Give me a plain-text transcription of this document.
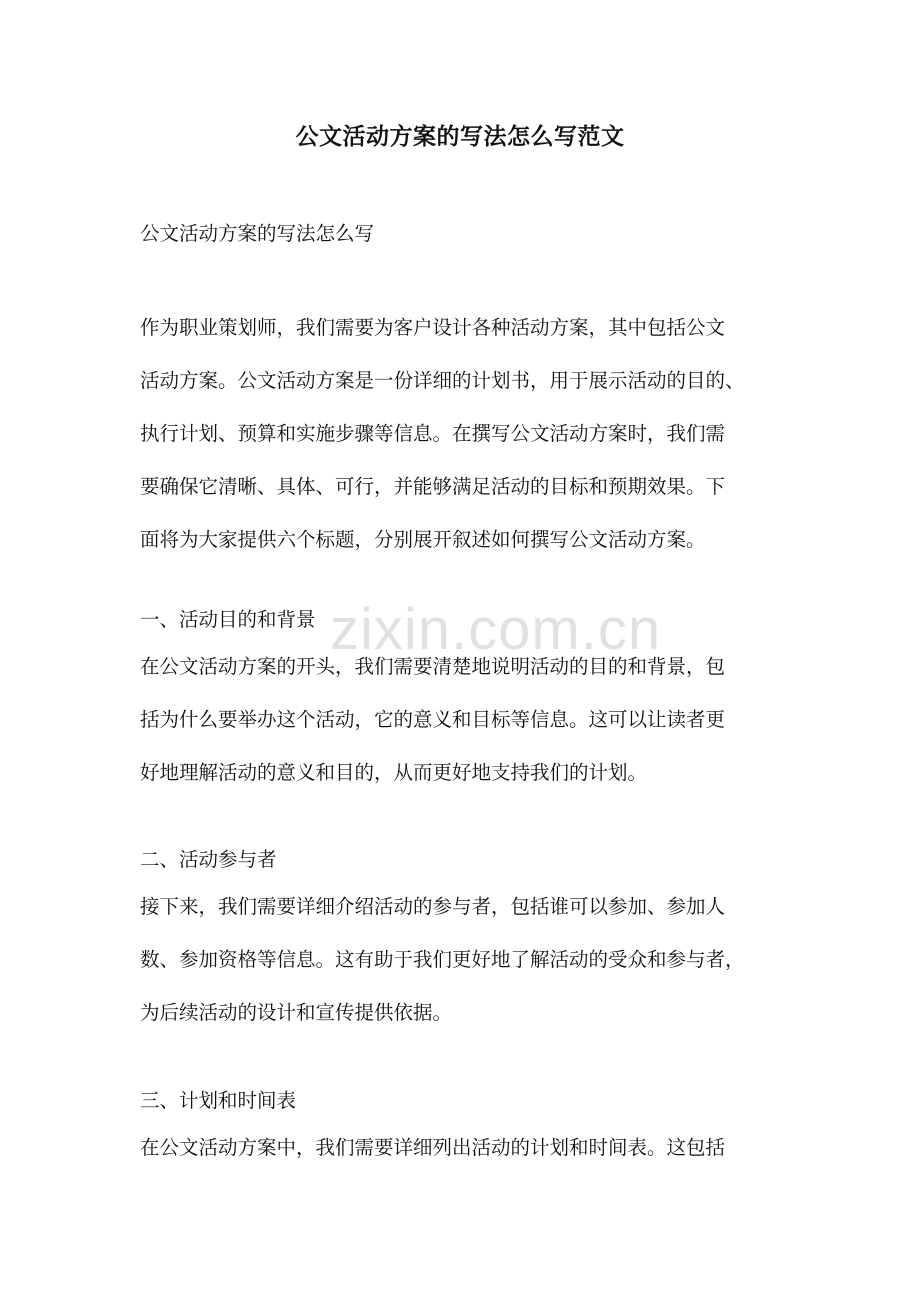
公文活动方案的写法怎么写范文
公文活动方案的写法怎么写
作为职业策划师，我们需要为客户设计各种活动方案，其中包括公文
活动方案。公文活动方案是一份详细的计划书，用于展示活动的目的、
执行计划、预算和实施步骤等信息。在撰写公文活动方案时，我们需
要确保它清晰、具体、可行，并能够满足活动的目标和预期效果。下
面将为大家提供六个标题，分别展开叙述如何撰写公文活动方案。
一、活动目的和背景
在公文活动方案的开头，我们需要清楚地说明活动的目的和背景，包
括为什么要举办这个活动，它的意义和目标等信息。这可以让读者更
好地理解活动的意义和目的，从而更好地支持我们的计划。
二、活动参与者
接下来，我们需要详细介绍活动的参与者，包括谁可以参加、参加人
数、参加资格等信息。这有助于我们更好地了解活动的受众和参与者，
为后续活动的设计和宣传提供依据。
三、计划和时间表
在公文活动方案中，我们需要详细列出活动的计划和时间表。这包括
zixin.com.cn
